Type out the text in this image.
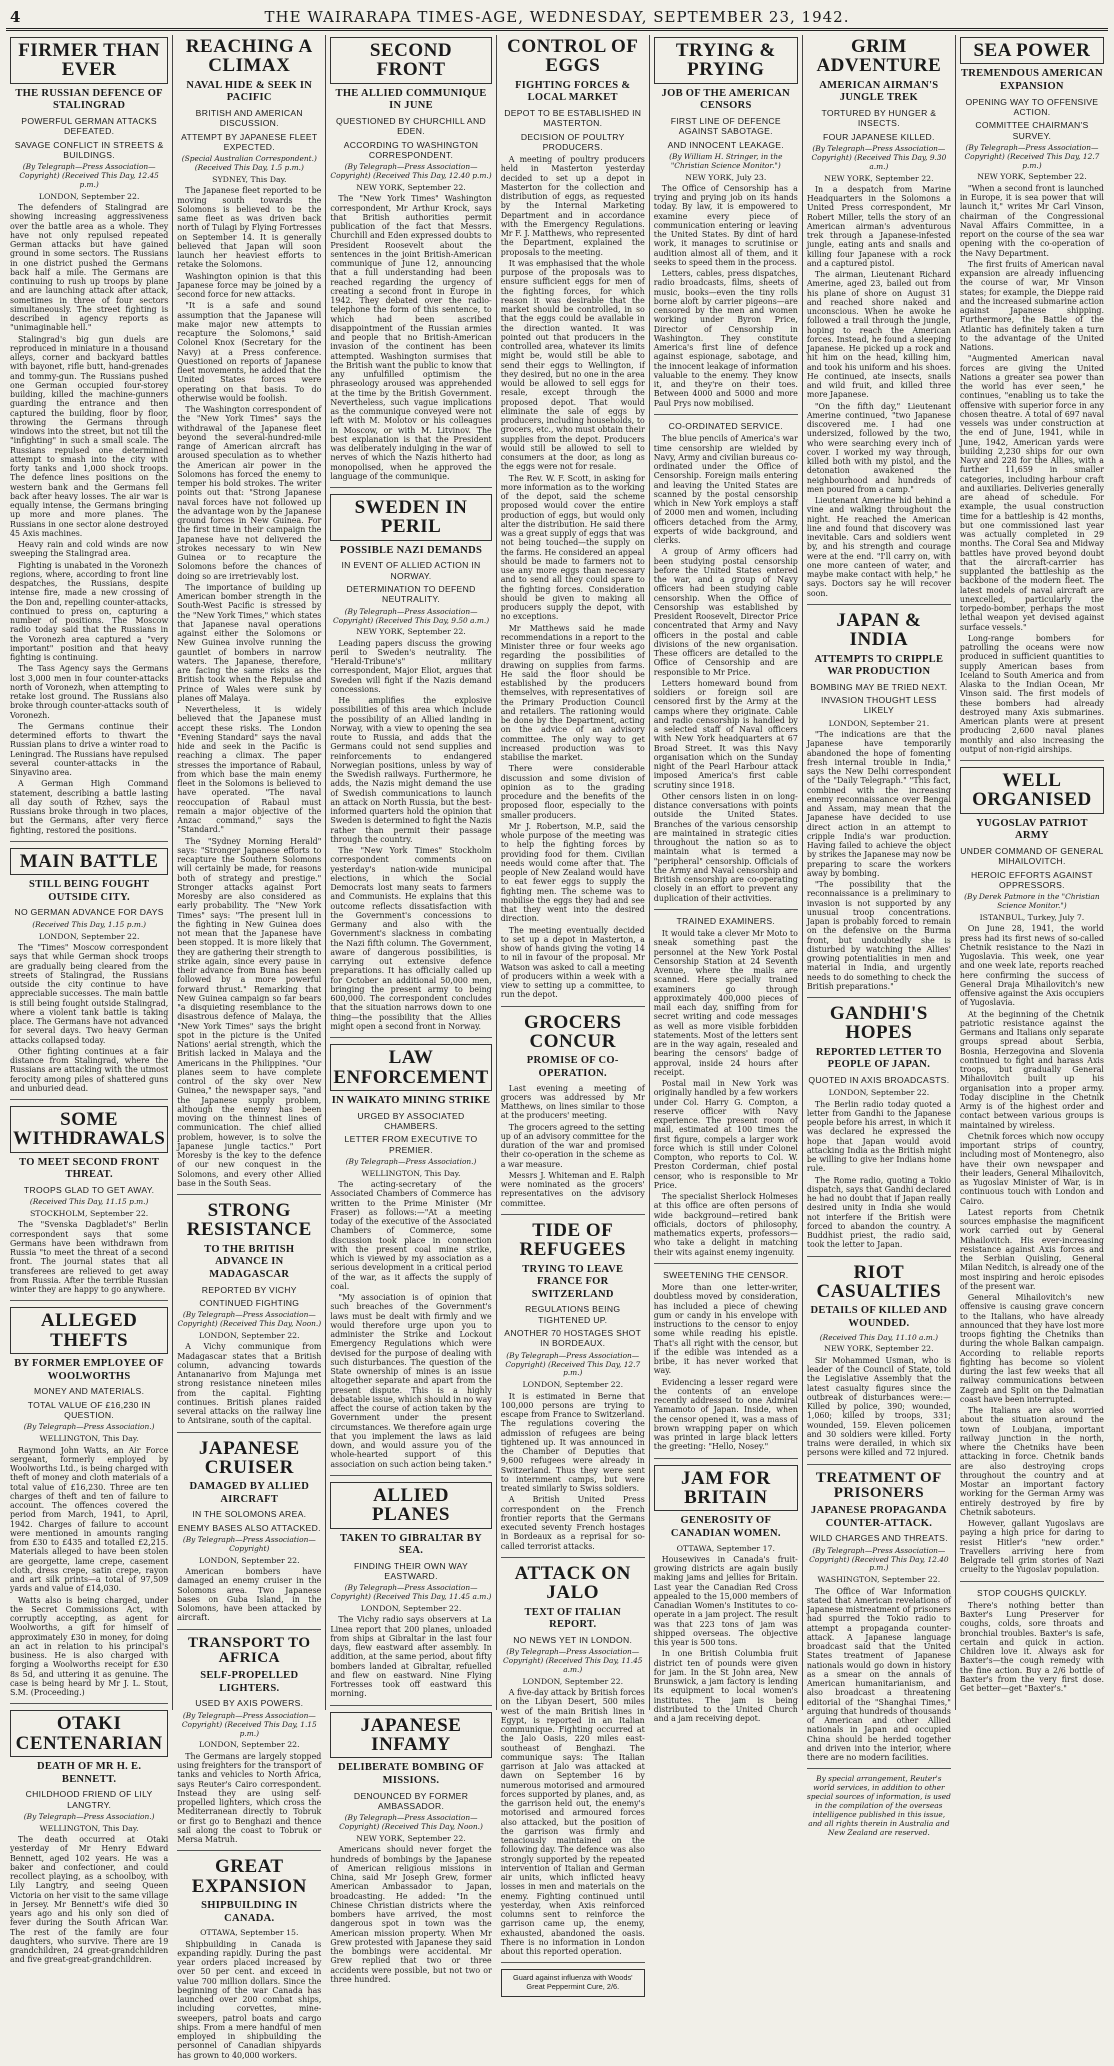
4	THE WAIRARAPA TIMES-AGE, WEDNESDAY, SEPTEMBER 23, 1942.
FIRMER THAN EVER
THE RUSSIAN DEFENCE OF STALINGRAD
POWERFUL GERMAN ATTACKS DEFEATED.
SAVAGE CONFLICT IN STREETS & BUILDINGS.
(By Telegraph—Press Association—Copyright) (Received This Day, 12.45 p.m.)
LONDON, September 22.

The defenders of Stalingrad are showing increasing aggressiveness over the battle area as a whole. They have not only repulsed repeated German attacks but have gained ground in some sectors. The Russians in one district pushed the Germans back half a mile. The Germans are continuing to rush up troops by plane and are launching attack after attack, sometimes in three of four sectors simultaneously. The street fighting is described in agency reports as "unimaginable hell."

Stalingrad's big gun duels are reproduced in miniature in a thousand alleys, corner and backyard battles with bayonet, rifle butt, hand-grenades and tommy-gun. The Russians pushed one German occupied four-storey building, killed the machine-gunners guarding the entrance and then captured the building, floor by floor, throwing the Germans through windows into the street, but not till the "infighting" in such a small scale. The Russians repulsed one determined attempt to smash into the city with forty tanks and 1,000 shock troops. The defence lines positions on the western bank and the Germans fell back after heavy losses. The air war is equally intense, the Germans bringing up more and more planes. The Russians in one sector alone destroyed 45 Axis machines.

Heavy rain and cold winds are now sweeping the Stalingrad area.

Fighting is unabated in the Voronezh regions, where, according to front line despatches, the Russians, despite intense fire, made a new crossing of the Don and, repelling counter-attacks, continued to press on, capturing a number of positions. The Moscow radio today said that the Russians in the Voronezh area captured a "very important" position and that heavy fighting is continuing.

The Tass Agency says the Germans lost 3,000 men in four counter-attacks north of Voronezh, when attempting to retake lost ground. The Russians also broke through counter-attacks south of Voronezh.

The Germans continue their determined efforts to thwart the Russian plans to drive a winter road to Leningrad. The Russians have repulsed several counter-attacks in the Sinyavino area.

A German High Command statement, describing a battle lasting all day south of Rzhev, says the Russians broke through in two places, but the Germans, after very fierce fighting, restored the positions.

MAIN BATTLE
STILL BEING FOUGHT OUTSIDE CITY.
NO GERMAN ADVANCE FOR DAYS
(Received This Day, 1.15 p.m.)
LONDON, September 22.

The "Times" Moscow correspondent says that while German shock troops are gradually being cleared from the streets of Stalingrad, the Russians outside the city continue to have appreciable successes. The main battle is still being fought outside Stalingrad, where a violent tank battle is taking place. The Germans have not advanced for several days. Two heavy German attacks collapsed today.

Other fighting continues at a fair distance from Stalingrad, where the Russians are attacking with the utmost ferocity among piles of shattered guns and unburied dead.

SOME WITHDRAWALS
TO MEET SECOND FRONT THREAT.
TROOPS GLAD TO GET AWAY.
(Received This Day, 11.15 p.m.)
STOCKHOLM, September 22.

The "Svenska Dagbladet's" Berlin correspondent says that some Germans have been withdrawn from Russia "to meet the threat of a second front. The journal states that all transferees are relieved to get away from Russia. After the terrible Russian winter they are happy to go anywhere.

ALLEGED THEFTS
BY FORMER EMPLOYEE OF WOOLWORTHS
MONEY AND MATERIALS.
TOTAL VALUE OF £16,230 IN QUESTION.
(By Telegraph—Press Association.)
WELLINGTON, This Day.

Raymond John Watts, an Air Force sergeant, formerly employed by Woolworths Ltd., is being charged with theft of money and cloth materials of a total value of £16,230. Three are ten charges of theft and ten of failure to account. The offences covered the period from March, 1941, to April, 1942. Charges of failure to account were mentioned in amounts ranging from £30 to £435 and totalled £2,215. Materials alleged to have been stolen are georgette, lame crepe, casement cloth, dress crepe, satin crepe, rayon and art silk prints—a total of 97,509 yards and value of £14,030.

Watts also is being charged, under the Secret Commissions Act, with corruptly accepting, as agent for Woolworths, a gift for himself of approximately £30 in money, for doing an act in relation to his principal's business. He is also charged with forging a Woolworths receipt for £30 8s 5d, and uttering it as genuine. The case is being heard by Mr J. L. Stout, S.M. (Proceeding.)

OTAKI CENTENARIAN
DEATH OF MR H. E. BENNETT.
CHILDHOOD FRIEND OF LILY LANGTRY.
(By Telegraph—Press Association.)
WELLINGTON, This Day.

The death occurred at Otaki yesterday of Mr Henry Edward Bennett, aged 102 years. He was a baker and confectioner, and could recollect playing, as a schoolboy, with Lily Langtry, and seeing Queen Victoria on her visit to the same village in Jersey. Mr Bennett's wife died 30 years ago and his only son died of fever during the South African War. The rest of the family are four daughters, who survive. There are 19 grandchildren, 24 great-grandchildren and five great-great-grandchildren.

REACHING A CLIMAX
NAVAL HIDE & SEEK IN PACIFIC
BRITISH AND AMERICAN DISCUSSION.
ATTEMPT BY JAPANESE FLEET EXPECTED.
(Special Australian Correspondent.) (Received This Day, 1.5 p.m.)
SYDNEY, This Day.

The Japanese fleet reported to be moving south towards the Solomons is believed to be the same fleet as was driven back north of Tulagi by Flying Fortresses on September 14. It is generally believed that Japan will soon launch her heaviest efforts to retake the Solomons.

Washington opinion is that this Japanese force may be joined by a second force for new attacks.

"It is a safe and sound assumption that the Japanese will make major new attempts to recapture the Solomons," said Colonel Knox (Secretary for the Navy) at a Press conference. Questioned on reports of Japanese fleet movements, he added that the United States forces were operating on that basis. To do otherwise would be foolish.

The Washington correspondent of the "New York Times" says the withdrawal of the Japanese fleet beyond the several-hundred-mile range of American aircraft has aroused speculation as to whether the American air power in the Solomons has forced the enemy to temper his bold strokes. The writer points out that: "Strong Japanese naval forces have not followed up the advantage won by the Japanese ground forces in New Guinea. For the first time in their campaign the Japanese have not delivered the strokes necessary to win New Guinea or to recapture the Solomons before the chances of doing so are irretrievably lost.

The importance of building up American bomber strength in the South-West Pacific is stressed by the "New York Times," which states that Japanese naval operations against either the Solomons or New Guinea involve running the gauntlet of bombers in narrow waters. The Japanese, therefore, are facing the same risks as the British took when the Repulse and Prince of Wales were sunk by planes off Malaya.

Nevertheless, it is widely believed that the Japanese must accept these risks. The London "Evening Standard" says the naval hide and seek in the Pacific is reaching a climax. The paper stresses the importance of Rabaul, from which base the main enemy fleet in the Solomons is believed to have operated. "The naval reoccupation of Rabaul must remain a major objective of the Anzac command," says the "Standard."

The "Sydney Morning Herald" says: "Stronger Japanese efforts to recapture the Southern Solomons will certainly be made, for reasons both of strategy and prestige." Stronger attacks against Port Moresby are also considered as early probability. The "New York Times" says: "The present lull in the fighting in New Guinea does not mean that the Japanese have been stopped. It is more likely that they are gathering their strength to strike again, since every pause in their advance from Buna has been followed by a more powerful forward thrust." Remarking that New Guinea campaign so far bears "a disquieting resemblance to the disastrous defence of Malaya, the "New York Times" says the bright spot in the picture is the United Nations' aerial strength, which the British lacked in Malaya and the Americans in the Philippines. "Our planes seem to have complete control of the sky over New Guinea," the newspaper says, "and the Japanese supply problem, although the enemy has been moving on the thinnest lines of communication. The chief allied problem, however, is to solve the Japanese jungle tactics." Port Moresby is the key to the defence of our new conquest in the Solomons, and every other Allied base in the South Seas.

STRONG RESISTANCE
TO THE BRITISH ADVANCE IN MADAGASCAR
REPORTED BY VICHY
CONTINUED FIGHTING
(By Telegraph—Press Association—Copyright) (Received This Day, Noon.)
LONDON, September 22.

A Vichy communique from Madagascar states that a British column, advancing towards Antananarivo from Majunga met strong resistance nineteen miles from the capital. Fighting continues. British planes raided several attacks on the railway line to Antsirane, south of the capital.

JAPANESE CRUISER
DAMAGED BY ALLIED AIRCRAFT
IN THE SOLOMONS AREA.
ENEMY BASES ALSO ATTACKED.
(By Telegraph—Press Association—Copyright)
LONDON, September 22.

American bombers have damaged an enemy cruiser in the Solomons area. Two Japanese bases on Guba Island, in the Solomons, have been attacked by aircraft.

TRANSPORT TO AFRICA
SELF-PROPELLED LIGHTERS.
USED BY AXIS POWERS.
(By Telegraph—Press Association—Copyright) (Received This Day, 1.15 p.m.)
LONDON, September 22.

The Germans are largely stopped using freighters for the transport of tanks and vehicles to North Africa, says Reuter's Cairo correspondent. Instead they are using self-propelled lighters, which cross the Mediterranean directly to Tobruk or first go to Benghazi and thence sail along the coast to Tobruk or Mersa Matruh.

GREAT EXPANSION
SHIPBUILDING IN CANADA.
OTTAWA, September 15.

Shipbuilding in Canada is expanding rapidly. During the past year orders placed increased by over 50 per cent. and exceed in value 700 million dollars. Since the beginning of the war Canada has launched over 200 combat ships, including corvettes, mine-sweepers, patrol boats and cargo ships. From a mere handful of men employed in shipbuilding the personnel of Canadian shipyards has grown to 40,000 workers.

SECOND FRONT
THE ALLIED COMMUNIQUE IN JUNE
QUESTIONED BY CHURCHILL AND EDEN.
ACCORDING TO WASHINGTON CORRESPONDENT.
(By Telegraph—Press Association—Copyright) (Received This Day, 12.40 p.m.)
NEW YORK, September 22.

The "New York Times" Washington correspondent, Mr Arthur Krock, says that British authorities permit publication of the fact that Messrs. Churchill and Eden expressed doubts to President Roosevelt about the sentences in the joint British-American communique of June 12, announcing that a full understanding had been reached regarding the urgency of creating a second front in Europe in 1942. They debated over the radio-telephone the form of this sentence, to which had been ascribed disappointment of the Russian armies and people that no British-American invasion of the continent has been attempted. Washington surmises that the British want the public to know that any unfulfilled optimism the phraseology aroused was apprehended at the time by the British Government. Nevertheless, such vague implications as the communique conveyed were not left with M. Molotov or his colleagues in Moscow, or with M. Litvinov. The best explanation is that the President was deliberately indulging in the war of nerves of which the Nazis hitherto had monopolised, when he approved the language of the communique.

SWEDEN IN PERIL
POSSIBLE NAZI DEMANDS
IN EVENT OF ALLIED ACTION IN NORWAY.
DETERMINATION TO DEFEND NEUTRALITY.
(By Telegraph—Press Association—Copyright) (Received This Day, 9.50 a.m.)
NEW YORK, September 22.

Leading papers discuss the growing peril to Sweden's neutrality. The "Herald-Tribune's" military correspondent, Major Eliot, argues that Sweden will fight if the Nazis demand concessions.

He amplifies the explosive possibilities of this area which include the possibility of an Allied landing in Norway, with a view to opening the sea route to Russia, and adds that the Germans could not send supplies and reinforcements to endangered Norwegian positions, unless by way of the Swedish railways. Furthermore, he adds, the Nazis might demand the use of Swedish communications to launch an attack on North Russia, but the best-informed quarters hold the opinion that Sweden is determined to fight the Nazis rather than permit their passage through the country.

The "New York Times" Stockholm correspondent comments on yesterday's nation-wide municipal elections, in which the Social Democrats lost many seats to farmers and Communists. He explains that this outcome reflects dissatisfaction with the Government's concessions to Germany and also with the Government's slackness in combating the Nazi fifth column. The Government, aware of dangerous possibilities, is carrying out extensive defence preparations. It has officially called up for October an additional 50,000 men, bringing the present army to being 600,000. The correspondent concludes that the situation narrows down to one thing—the possibility that the Allies might open a second front in Norway.

LAW ENFORCEMENT
IN WAIKATO MINING STRIKE
URGED BY ASSOCIATED CHAMBERS.
LETTER FROM EXECUTIVE TO PREMIER.
(By Telegraph—Press Association.)
WELLINGTON, This Day.

The acting-secretary of the Associated Chambers of Commerce has written to the Prime Minister (Mr Fraser) as follows:—"At a meeting today of the executive of the Associated Chambers of Commerce, some discussion took place in connection with the present coal mine strike, which is viewed by my association as a serious development in a critical period of the war, as it affects the supply of coal.

"My association is of opinion that such breaches of the Government's laws must be dealt with firmly and we would therefore urge upon you to administer the Strike and Lockout Emergency Regulations which were devised for the purpose of dealing with such disturbances. The question of the State ownership of mines is an issue altogether separate and apart from the present dispute. This is a highly debatable issue, which should in no way affect the course of action taken by the Government under the present circumstances. We therefore again urge that you implement the laws as laid down, and would assure you of the whole-hearted support of this association on such action being taken."

ALLIED PLANES
TAKEN TO GIBRALTAR BY SEA.
FINDING THEIR OWN WAY EASTWARD.
(By Telegraph—Press Association—Copyright) (Received This Day, 11.45 a.m.)
LONDON, September 22.

The Vichy radio says observers at La Linea report that 200 planes, unloaded from ships at Gibraltar in the last four days, flew eastward after assembly. In addition, at the same period, about fifty bombers landed at Gibraltar, refuelled and flew on eastward. Nine Flying Fortresses took off eastward this morning.

JAPANESE INFAMY
DELIBERATE BOMBING OF MISSIONS.
DENOUNCED BY FORMER AMBASSADOR.
(By Telegraph—Press Association—Copyright) (Received This Day, Noon.)
NEW YORK, September 22.

Americans should never forget the hundreds of bombings by the Japanese of American religious missions in China, said Mr Joseph Grew, former American Ambassador to Japan, broadcasting. He added: "In the Chinese Christian districts where the bombers have arrived, the most dangerous spot in town was the American mission property. When Mr Grew protested with Japanese they said the bombings were accidental. Mr Grew replied that two or three accidents were possible, but not two or three hundred.

CONTROL OF EGGS
FIGHTING FORCES & LOCAL MARKET
DEPOT TO BE ESTABLISHED IN MASTERTON.
DECISION OF POULTRY PRODUCERS.

A meeting of poultry producers held in Masterton yesterday decided to set up a depot in Masterton for the collection and distribution of eggs, as requested by the Internal Marketing Department and in accordance with the Emergency Regulations. Mr F. J. Matthews, who represented the Department, explained the proposals to the meeting.

It was emphasised that the whole purpose of the proposals was to ensure sufficient eggs for men of the fighting forces, for which reason it was desirable that the market should be controlled, in so that the eggs could be available in the direction wanted. It was pointed out that producers in the controlled area, whatever its limits might be, would still be able to send their eggs to Wellington, if they desired, but no one in the area would be allowed to sell eggs for resale, except through the proposed depot. That would eliminate the sale of eggs by producers, including households, to grocers, etc., who must obtain their supplies from the depot. Producers would still be allowed to sell to consumers at the door, as long as the eggs were not for resale.

The Rev. W. F. Scott, in asking for more information as to the working of the depot, said the scheme proposed would cover the entire production of eggs, but would only alter the distribution. He said there was a great supply of eggs that was not being touched—the supply on the farms. He considered an appeal should be made to farmers not to use any more eggs than necessary and to send all they could spare to the fighting forces. Consideration should be given to making all producers supply the depot, with no exceptions.

Mr Matthews said he made recommendations in a report to the Minister three or four weeks ago regarding the possibilities of drawing on supplies from farms. He said the floor should be established by the producers themselves, with representatives of the Primary Production Council and retailers. The rationing would be done by the Department, acting on the advice of an advisory committee. The only way to get increased production was to stabilise the market.

There were considerable discussion and some division of opinion as to the grading procedure and the benefits of the proposed floor, especially to the smaller producers.

Mr J. Robertson, M.P., said the whole purpose of the meeting was to help the fighting forces by providing food for them. Civilian needs would come after that. The people of New Zealand would have to eat fewer eggs to supply the fighting men. The scheme was to mobilise the eggs they had and see that they went into the desired direction.

The meeting eventually decided to set up a depot in Masterton, a show of hands giving the voting 14 to nil in favour of the proposal. Mr Watson was asked to call a meeting of producers within a week with a view to setting up a committee, to run the depot.

GROCERS CONCUR
PROMISE OF CO-OPERATION.

Last evening a meeting of grocers was addressed by Mr Matthews, on lines similar to those at the producers' meeting.

The grocers agreed to the setting up of an advisory committee for the duration of the war and promised their co-operation in the scheme as a war measure.

Messrs J. Whiteman and E. Ralph were nominated as the grocers' representatives on the advisory committee.

TIDE OF REFUGEES
TRYING TO LEAVE FRANCE FOR SWITZERLAND
REGULATIONS BEING TIGHTENED UP.
ANOTHER 70 HOSTAGES SHOT IN BORDEAUX.
(By Telegraph—Press Association—Copyright) (Received This Day, 12.7 p.m.)
LONDON, September 22.

It is estimated in Berne that 100,000 persons are trying to escape from France to Switzerland. The regulations covering the admission of refugees are being tightened up. It was announced in the Chamber of Deputies that 9,600 refugees were already in Switzerland. Thus they were sent to internment camps, but were treated similarly to Swiss soldiers.

A British United Press correspondent on the French frontier reports that the Germans executed seventy French hostages in Bordeaux as a reprisal for so-called terrorist attacks.

ATTACK ON JALO
TEXT OF ITALIAN REPORT.
NO NEWS YET IN LONDON.
(By Telegraph—Press Association—Copyright) (Received This Day, 11.45 a.m.)
LONDON, September 22.

A five-day attack by British forces on the Libyan Desert, 500 miles west of the main British lines in Egypt, is reported in an Italian communique. Fighting occurred at the Jalo Oasis, 220 miles east-southeast of Benghazi. The communique says: The Italian garrison at Jalo was attacked at dawn on September 16 by numerous motorised and armoured forces supported by planes, and, as the garrison held out, the enemy's motorised and armoured forces also attacked, but the position of the garrison was firmly and tenaciously maintained on the following day. The defence was also strongly supported by the repeated intervention of Italian and German air units, which inflicted heavy losses in men and materials on the enemy. Fighting continued until yesterday, when Axis reinforced columns sent to reinforce the garrison came up, the enemy, exhausted, abandoned the oasis. There is no information in London about this reported operation.

Guard against influenza with Woods' Great Peppermint Cure, 2/6.
TRYING & PRYING
JOB OF THE AMERICAN CENSORS
FIRST LINE OF DEFENCE AGAINST SABOTAGE.
AND INNOCENT LEAKAGE.
(By William H. Stringer, in the "Christian Science Monitor.")
NEW YORK, July 23.

The Office of Censorship has a trying and prying job on its hands today. By law, it is empowered to examine every piece of communication entering or leaving the United States. By dint of hard work, it manages to scrutinise or audition almost all of them, and it seeks to speed them in the process.

Letters, cables, press dispatches, radio broadcasts, films, sheets of music, books—even the tiny rolls borne aloft by carrier pigeons—are censored by the men and women working under Byron Price, Director of Censorship in Washington. They constitute America's first line of defence against espionage, sabotage, and the innocent leakage of information valuable to the enemy. They know it, and they're on their toes. Between 4000 and 5000 and more Paul Prys now mobilised.

CO-ORDINATED SERVICE.

The blue pencils of America's war time censorship are wielded by Navy, Army and civilian bureaus co-ordinated under the Office of Censorship. Foreign mails entering and leaving the United States are scanned by the postal censorship which in New York employs a staff of 2000 men and women, including officers detached from the Army, experts of wide background, and clerks.

A group of Army officers had been studying postal censorship before the United States entered the war, and a group of Navy officers had been studying cable censorship. When the Office of Censorship was established by President Roosevelt, Director Price concentrated that Army and Navy officers in the postal and cable divisions of the new organisation. These officers are detailed to the Office of Censorship and are responsible to Mr Price.

Letters homeward bound from soldiers or foreign soil are censored first by the Army at the camps where they originate. Cable and radio censorship is handled by a selected staff of Naval officers with New York headquarters at 67 Broad Street. It was this Navy organisation which on the Sunday night of the Pearl Harbour attack imposed America's first cable scrutiny since 1918.

Other censors listen in on long-distance conversations with points outside the United States. Branches of the various censorship are maintained in strategic cities throughout the nation so as to maintain what is termed a "peripheral" censorship. Officials of the Army and Naval censorship and British censorship are co-operating closely in an effort to prevent any duplication of their activities.

TRAINED EXAMINERS.

It would take a clever Mr Moto to sneak something past the personnel at the New York Postal Censorship Station at 24 Seventh Avenue, where the mails are scanned. Here specially trained examiners go through approximately 400,000 pieces of mail each day, sniffing from for secret writing and code messages as well as more visible forbidden statements. Most of the letters sent are in the way again, resealed and bearing the censors' badge of approval, inside 24 hours after receipt.

Postal mail in New York was originally handled by a few workers under Col. Harry G. Compton, a reserve officer with Navy experience. The present room of mail, estimated at 100 times the first figure, compels a larger work force which is still under Colonel Compton, who reports to Col. W. Preston Corderman, chief postal censor, who is responsible to Mr Price.

The specialist Sherlock Holmeses at this office are often persons of wide background—retired bank officials, doctors of philosophy, mathematics experts, professors—who take a delight in matching their wits against enemy ingenuity.

SWEETENING THE CENSOR.

More than one letter-writer, doubtless moved by consideration, has included a piece of chewing gum or candy in his envelope with instructions to the censor to enjoy some while reading his epistle. That's all right with the censor, but if the edible was intended as a bribe, it has never worked that way.

Evidencing a lesser regard were the contents of an envelope recently addressed to one Admiral Yamamoto of Japan. Inside, when the censor opened it, was a mass of brown wrapping paper on which was printed in large black letters the greeting: "Hello, Nosey."

JAM FOR BRITAIN
GENEROSITY OF CANADIAN WOMEN.
OTTAWA, September 17.

Housewives in Canada's fruit-growing districts are again busily making jams and jellies for Britain. Last year the Canadian Red Cross appealed to the 15,000 members of Canadian Women's Institutes to co-operate in a jam project. The result was that 223 tons of jam was shipped overseas. The objective this year is 500 tons.

In one British Columbia fruit district ten of pounds were given for jam. In the St John area, New Brunswick, a jam factory is lending its equipment to local women's institutes. The jam is being distributed to the United Church and a jam receiving depot.

GRIM ADVENTURE
AMERICAN AIRMAN'S JUNGLE TREK
TORTURED BY HUNGER & INSECTS.
FOUR JAPANESE KILLED.
(By Telegraph—Press Association—Copyright) (Received This Day, 9.30 a.m.)
NEW YORK, September 22.

In a despatch from Marine Headquarters in the Solomons a United Press correspondent, Mr Robert Miller, tells the story of an American airman's adventurous trek through a Japanese-infested jungle, eating ants and snails and killing four Japanese with a rock and a captured pistol.

The airman, Lieutenant Richard Amerine, aged 23, bailed out from his plane of shore on August 31 and reached shore naked and unconscious. When he awoke he followed a trail through the jungle, hoping to reach the American forces. Instead, he found a sleeping Japanese. He picked up a rock and hit him on the head, killing him, and took his uniform and his shoes. He continued, ate insects, snails and wild fruit, and killed three more Japanese.

"On the fifth day," Lieutenant Amerine continued, "two Japanese discovered me. I had one undersized, followed by the two, who were searching every inch of cover. I worked my way through, killed both with my pistol, and the detonation awakened the neighbourhood and hundreds of men poured from a camp."

Lieutenant Amerine hid behind a vine and walking throughout the night. He reached the American line and found that discovery was inevitable. Cars and soldiers went by, and his strength and courage were at the end. "I'll carry on, with one more canteen of water, and maybe make contact with help," he says. Doctors say he will recover soon.

JAPAN & INDIA
ATTEMPTS TO CRIPPLE WAR PRODUCTION
BOMBING MAY BE TRIED NEXT.
INVASION THOUGHT LESS LIKELY
LONDON, September 21.

"The indications are that the Japanese have temporarily abandoned the hope of fomenting fresh internal trouble in India," says the New Delhi correspondent of the "Daily Telegraph." "This fact, combined with the increasing enemy reconnaissance over Bengal and Assam, may mean that the Japanese have decided to use direct action in an attempt to cripple India's war production. Having failed to achieve the object by strikes the Japanese may now be preparing to scare the workers away by bombing.

"The possibility that the reconnaissance is a preliminary to invasion is not supported by any unusual troop concentrations. Japan is probably forced to remain on the defensive on the Burma front, but undoubtedly she is disturbed by watching the Allies' growing potentialities in men and material in India, and urgently needs to do something to check the British preparations."

GANDHI'S HOPES
REPORTED LETTER TO PEOPLE OF JAPAN.
QUOTED IN AXIS BROADCASTS.
LONDON, September 22.

The Berlin radio today quoted a letter from Gandhi to the Japanese people before his arrest, in which it was declared he expressed the hope that Japan would avoid attacking India as the British might be willing to give her Indians home rule.

The Rome radio, quoting a Tokio dispatch, says that Gandhi declared he had no doubt that if Japan really desired unity in India she would not interfere if the British were forced to abandon the country. A Buddhist priest, the radio said, took the letter to Japan.

RIOT CASUALTIES
DETAILS OF KILLED AND WOUNDED.
(Received This Day, 11.10 a.m.)
NEW YORK, September 22.

Sir Mohammed Usman, who is leader of the Council of State, told the Legislative Assembly that the latest casualty figures since the outbreak of disturbances were:—Killed by police, 390; wounded, 1,060; killed by troops, 331; wounded, 159. Eleven policemen and 30 soldiers were killed. Forty trains were derailed, in which six persons were killed and 72 injured.

TREATMENT OF PRISONERS
JAPANESE PROPAGANDA COUNTER-ATTACK.
WILD CHARGES AND THREATS.
(By Telegraph—Press Association—Copyright) (Received This Day, 12.40 p.m.)
WASHINGTON, September 22.

The Office of War Information stated that American revelations of Japanese mistreatment of prisoners had spurred the Tokio radio to attempt a propaganda counter-attack. A Japanese language broadcast said that the United States treatment of Japanese nationals would go down in history as a smear on the annals of American humanitarianism, and also broadcast a threatening editorial of the "Shanghai Times," arguing that hundreds of thousands of American and other Allied nationals in Japan and occupied China should be herded together and driven into the interior, where there are no modern facilities.

By special arrangement, Reuter's world services, in addition to other special sources of information, is used in the compilation of the overseas intelligence published in this issue, and all rights therein in Australia and New Zealand are reserved.
SEA POWER
TREMENDOUS AMERICAN EXPANSION
OPENING WAY TO OFFENSIVE ACTION.
COMMITTEE CHAIRMAN'S SURVEY.
(By Telegraph—Press Association—Copyright) (Received This Day, 12.7 p.m.)
NEW YORK, September 22.

"When a second front is launched in Europe, it is sea power that will launch it," writes Mr Carl Vinson, chairman of the Congressional Naval Affairs Committee, in a report on the course of the sea war opening with the co-operation of the Navy Department.

The first fruits of American naval expansion are already influencing the course of war, Mr Vinson states; for example, the Dieppe raid and the increased submarine action against Japanese shipping. Furthermore, the Battle of the Atlantic has definitely taken a turn to the advantage of the United Nations.

"Augmented American naval forces are giving the United Nations a greater sea power than the world has ever seen," he continues, "enabling us to take the offensive with superior force in any chosen theatre. A total of 697 naval vessels was under construction at the end of June, 1941, while in June, 1942, American yards were building 2,230 ships for our own Navy and 228 for the Allies, with a further 11,659 in smaller categories, including harbour craft and auxiliaries. Deliveries generally are ahead of schedule. For example, the usual construction time for a battleship is 42 months, but one commissioned last year was actually completed in 29 months. The Coral Sea and Midway battles have proved beyond doubt that the aircraft-carrier has supplanted the battleship as the backbone of the modern fleet. The latest models of naval aircraft are unexcelled, particularly the torpedo-bomber, perhaps the most lethal weapon yet devised against surface vessels."

Long-range bombers for patrolling the oceans were now produced in sufficient quantities to supply American bases from Iceland to South America and from Alaska to the Indian Ocean, Mr Vinson said. The first models of these bombers had already destroyed many Axis submarines. American plants were at present producing 2,600 naval planes monthly and also increasing the output of non-rigid airships.

WELL ORGANISED
YUGOSLAV PATRIOT ARMY
UNDER COMMAND OF GENERAL MIHAILOVITCH.
HEROIC EFFORTS AGAINST OPPRESSORS.
(By Derek Patmore in the "Christian Science Monitor.")
ISTANBUL, Turkey, July 7.

On June 28, 1941, the world press had its first news of so-called Chetnik resistance to the Nazi in Yugoslavia. This week, one year and one week late, reports reached here confirming the success of General Draja Mihailovitch's new offensive against the Axis occupiers of Yugoslavia.

At the beginning of the Chetnik patriotic resistance against the Germans and Italians only separate groups spread about Serbia, Bosnia, Herzegovina and Slovenia continued to fight and harass Axis troops, but gradually General Mihailovitch built up his organisation into a proper army. Today discipline in the Chetnik Army is of the highest order and contact between various groups is maintained by wireless.

Chetnik forces which now occupy important strips of country, including most of Montenegro, also have their own newspaper and their leaders, General Mihailovitch, as Yugoslav Minister of War, is in continuous touch with London and Cairo.

Latest reports from Chetnik sources emphasise the magnificent work carried out by General Mihailovitch. His ever-increasing resistance against Axis forces and the Serbian Quisling, General Milan Neditch, is already one of the most inspiring and heroic episodes of the present war.

General Mihailovitch's new offensive is causing grave concern to the Italians, who have already announced that they have lost more troops fighting the Chetniks than during the whole Balkan campaign. According to reliable reports fighting has become so violent during the last few weeks that all railway communications between Zagreb and Split on the Dalmatian coast have been interrupted.

The Italians are also worried about the situation around the town of Loubjana, important railway junction in the north, where the Chetniks have been attacking in force. Chetnik bands are also destroying crops throughout the country and at Mostar an important factory working for the German Army was entirely destroyed by fire by Chetnik saboteurs.

However, gallant Yugoslavs are paying a high price for daring to resist Hitler's "new order." Travellers arriving here from Belgrade tell grim stories of Nazi cruelty to the Yugoslav population.

STOP COUGHS QUICKLY.

There's nothing better than Baxter's Lung Preserver for coughs, colds, sore throats and bronchial troubles. Baxter's is safe, certain and quick in action. Children love it. Always ask for Baxter's—the cough remedy with the fine action. Buy a 2/6 bottle of Baxter's from the very first dose. Get better—get "Baxter's."
